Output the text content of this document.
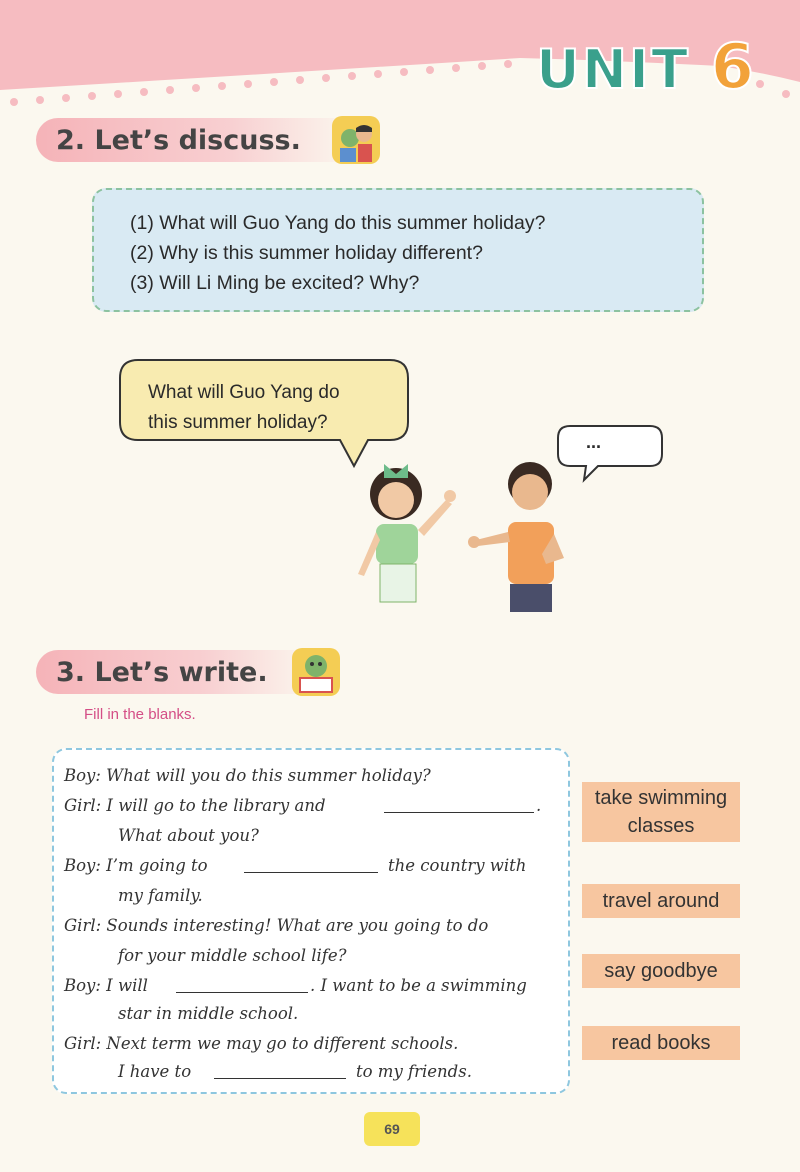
UNIT 6
2. Let’s discuss.
(1) What will Guo Yang do this summer holiday?
(2) Why is this summer holiday different?
(3) Will Li Ming be excited? Why?
What will Guo Yang do
this summer holiday?
...
3. Let’s write.
Fill in the blanks.
Boy: What will you do this summer holiday?
Girl: I will go to the library and	.
What about you?
Boy: I’m going to	the country with
my family.
Girl: Sounds interesting! What are you going to do
for your middle school life?
Boy: I will	. I want to be a swimming
star in middle school.
Girl: Next term we may go to different schools.
I have to	to my friends.
take swimming classes
travel around
say goodbye
read books
69
